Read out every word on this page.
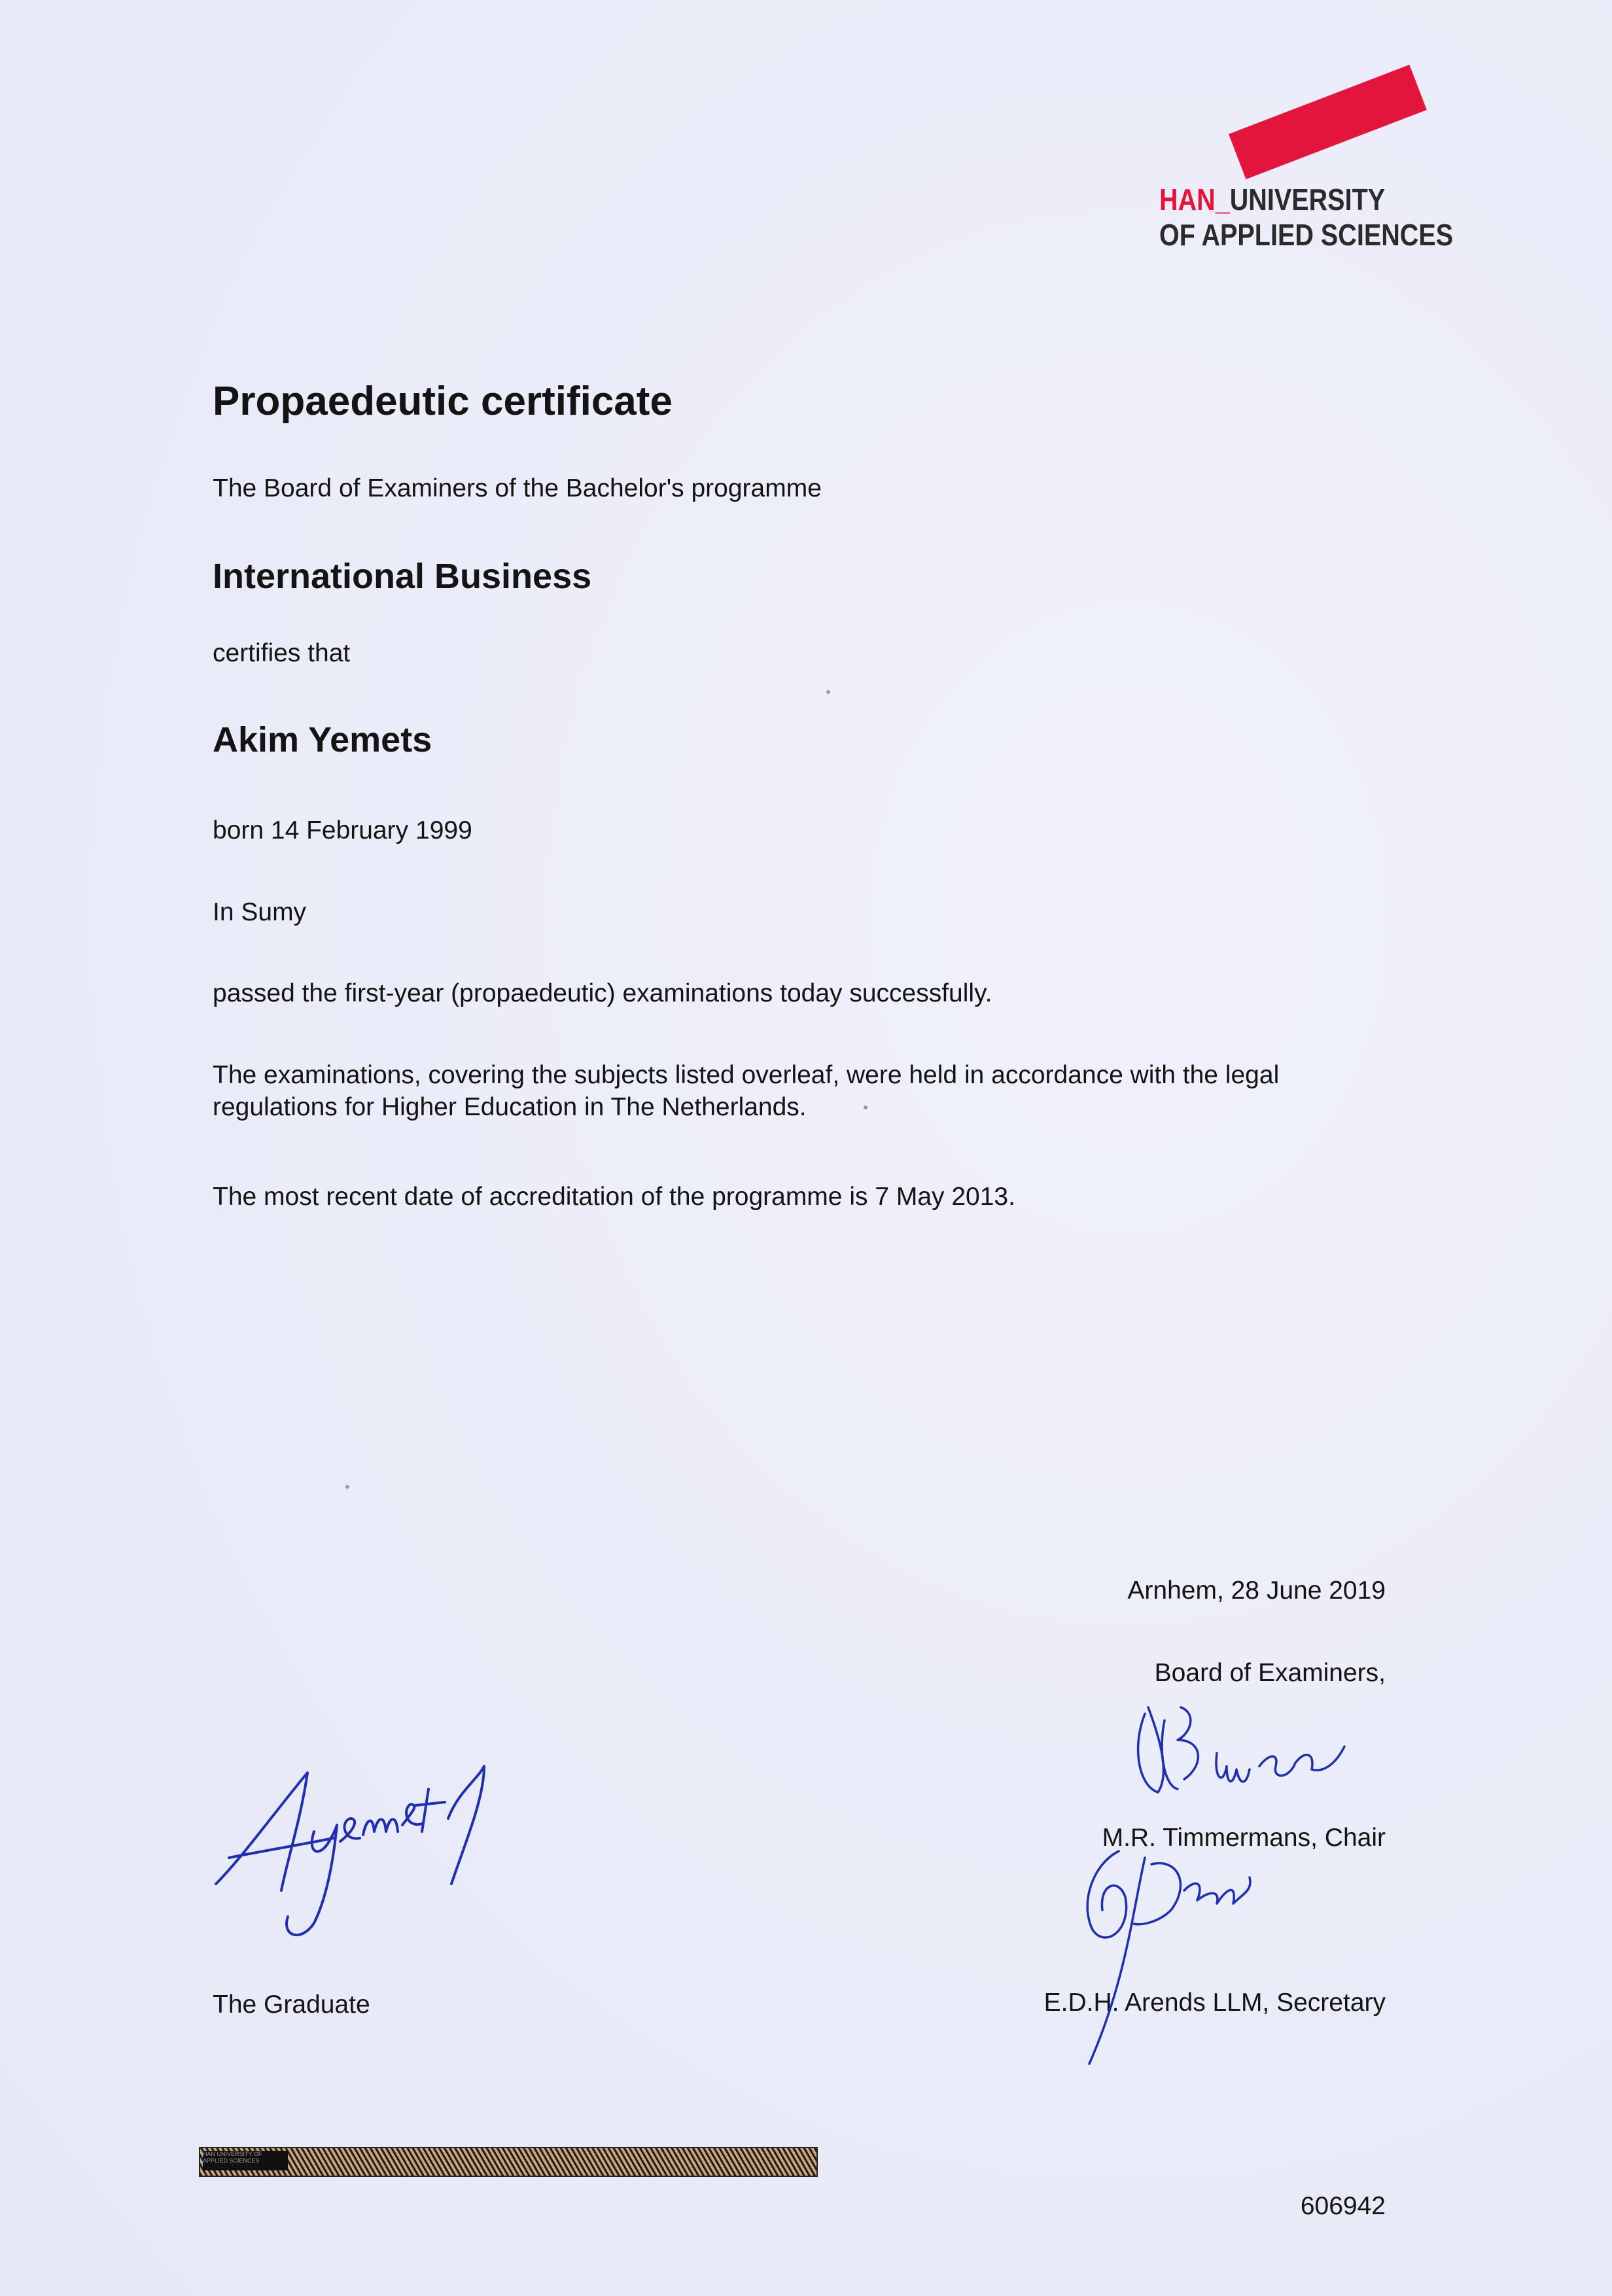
HAN_UNIVERSITY
OF APPLIED SCIENCES
Propaedeutic certificate
The Board of Examiners of the Bachelor's programme
International Business
certifies that
Akim Yemets
born 14 February 1999
In Sumy
passed the first-year (propaedeutic) examinations today successfully.
The examinations, covering the subjects listed overleaf, were held in accordance with the legal
regulations for Higher Education in The Netherlands.
The most recent date of accreditation of the programme is 7 May 2013.
Arnhem, 28 June 2019
Board of Examiners,
M.R. Timmermans, Chair
E.D.H. Arends LLM, Secretary
The Graduate
HAN UNIVERSITY OF APPLIED SCIENCES
606942
